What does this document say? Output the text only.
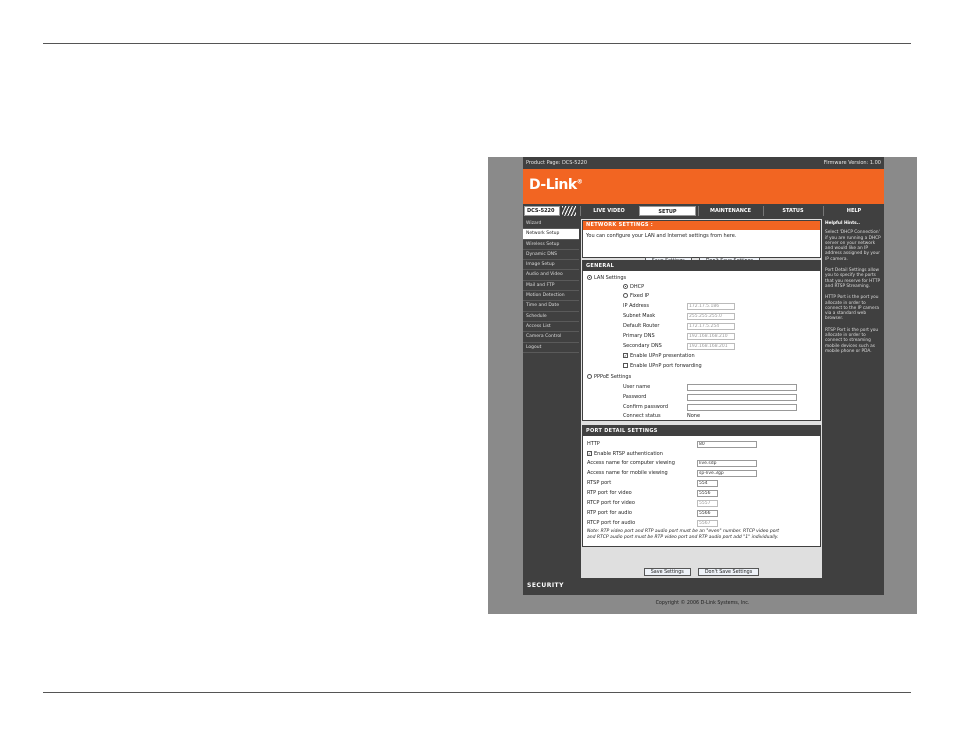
Product Page: DCS-5220	Firmware Version: 1.00
D-Link®
DCS-5220	LIVE VIDEO	SETUP	MAINTENANCE	STATUS	HELP
Wizard
Network Setup
Wireless Setup
Dynamic DNS
Image Setup
Audio and Video
Mail and FTP
Motion Detection
Time and Date
Schedule
Access List
Camera Control
Logout
NETWORK SETTINGS :
You can configure your LAN and Internet settings from here.

GENERAL
LAN Settings
DHCP
Fixed IP
IP Address	172.17.5.186
Subnet Mask	255.255.255.0
Default Router	172.17.5.254
Primary DNS	192.168.168.210
Secondary DNS	192.168.168.201
✓ Enable UPnP presentation
Enable UPnP port forwarding
PPPoE Settings
User name
Password
Confirm password
Connect status	None
PORT DETAIL SETTINGS
HTTP	80
✓ Enable RTSP authentication
Access name for computer viewing	live.sdp
Access name for mobile viewing	sp-live.3gp
RTSP port	554
RTP port for video	5556
RTCP port for video	5557
RTP port for audio	5566
RTCP port for audio	5567
Note: RTP video port and RTP audio port must be an "even" number. RTCP video port
and RTCP audio port must be RTP video port and RTP audio port add "1" individually.
Save Settings	Don't Save Settings
Helpful Hints..

Select 'DHCP Connection' if you are running a DHCP server on your network and would like an IP address assigned by your IP camera.

Port Detail Settings allow you to specify the ports that you reserve for HTTP and RTSP Streaming.

HTTP Port is the port you allocate in order to connect to the IP camera via a standard web browser.

RTSP Port is the port you allocate in order to connect to streaming mobile devices such as mobile phone or PDA.

SECURITY
Copyright © 2006 D-Link Systems, Inc.
